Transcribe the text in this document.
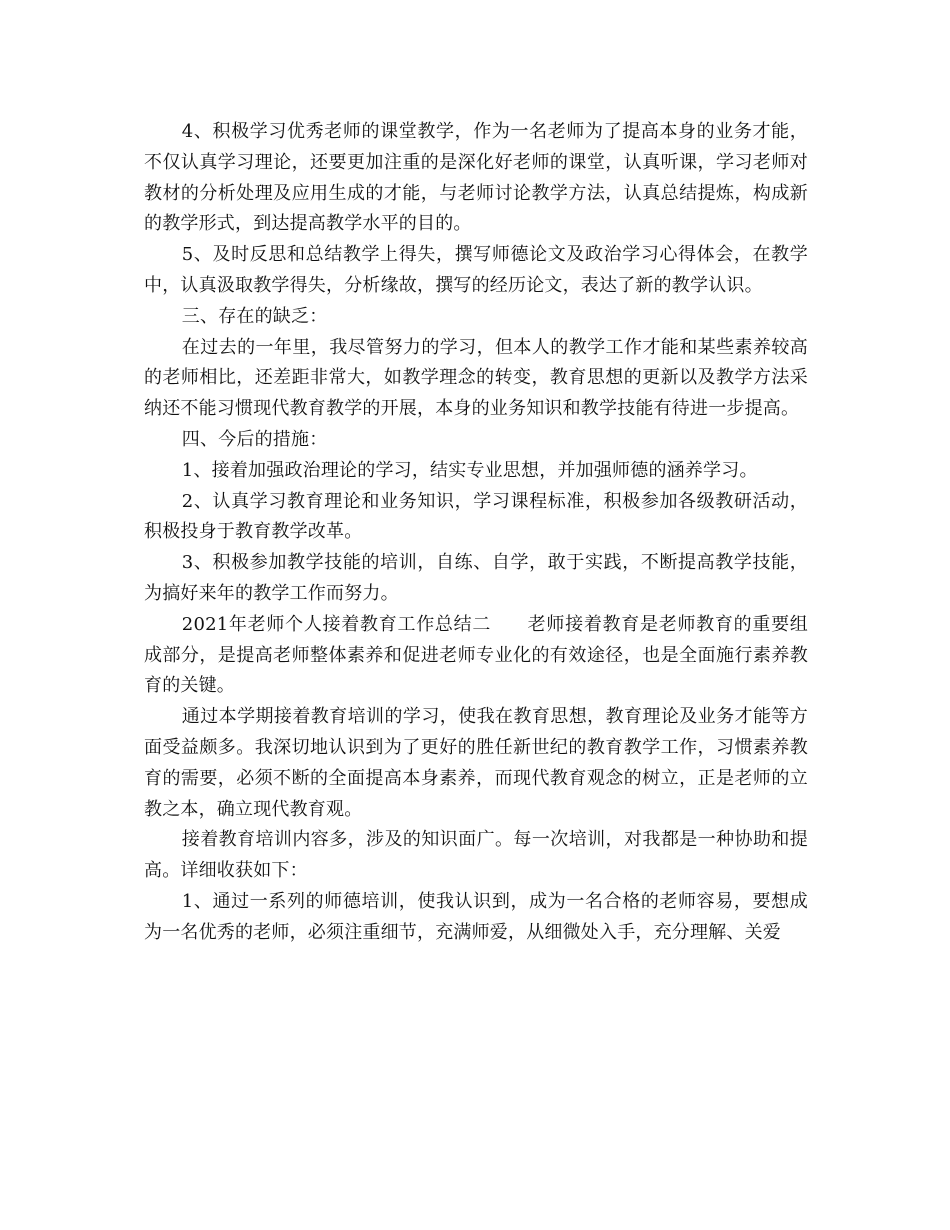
4、积极学习优秀老师的课堂教学，作为一名老师为了提高本身的业务才能，不仅认真学习理论，还要更加注重的是深化好老师的课堂，认真听课，学习老师对教材的分析处理及应用生成的才能，与老师讨论教学方法，认真总结提炼，构成新的教学形式，到达提高教学水平的目的。

5、及时反思和总结教学上得失，撰写师德论文及政治学习心得体会，在教学中，认真汲取教学得失，分析缘故，撰写的经历论文，表达了新的教学认识。

三、存在的缺乏：

在过去的一年里，我尽管努力的学习，但本人的教学工作才能和某些素养较高的老师相比，还差距非常大，如教学理念的转变，教育思想的更新以及教学方法采纳还不能习惯现代教育教学的开展，本身的业务知识和教学技能有待进一步提高。

四、今后的措施：

1、接着加强政治理论的学习，结实专业思想，并加强师德的涵养学习。

2、认真学习教育理论和业务知识，学习课程标准，积极参加各级教研活动，积极投身于教育教学改革。

3、积极参加教学技能的培训，自练、自学，敢于实践，不断提高教学技能，为搞好来年的教学工作而努力。

2021年老师个人接着教育工作总结二 老师接着教育是老师教育的重要组成部分，是提高老师整体素养和促进老师专业化的有效途径，也是全面施行素养教育的关键。

通过本学期接着教育培训的学习，使我在教育思想，教育理论及业务才能等方面受益颇多。我深切地认识到为了更好的胜任新世纪的教育教学工作，习惯素养教育的需要，必须不断的全面提高本身素养，而现代教育观念的树立，正是老师的立教之本，确立现代教育观。

接着教育培训内容多，涉及的知识面广。每一次培训，对我都是一种协助和提高。详细收获如下：

1、通过一系列的师德培训，使我认识到，成为一名合格的老师容易，要想成为一名优秀的老师，必须注重细节，充满师爱，从细微处入手，充分理解、关爱
